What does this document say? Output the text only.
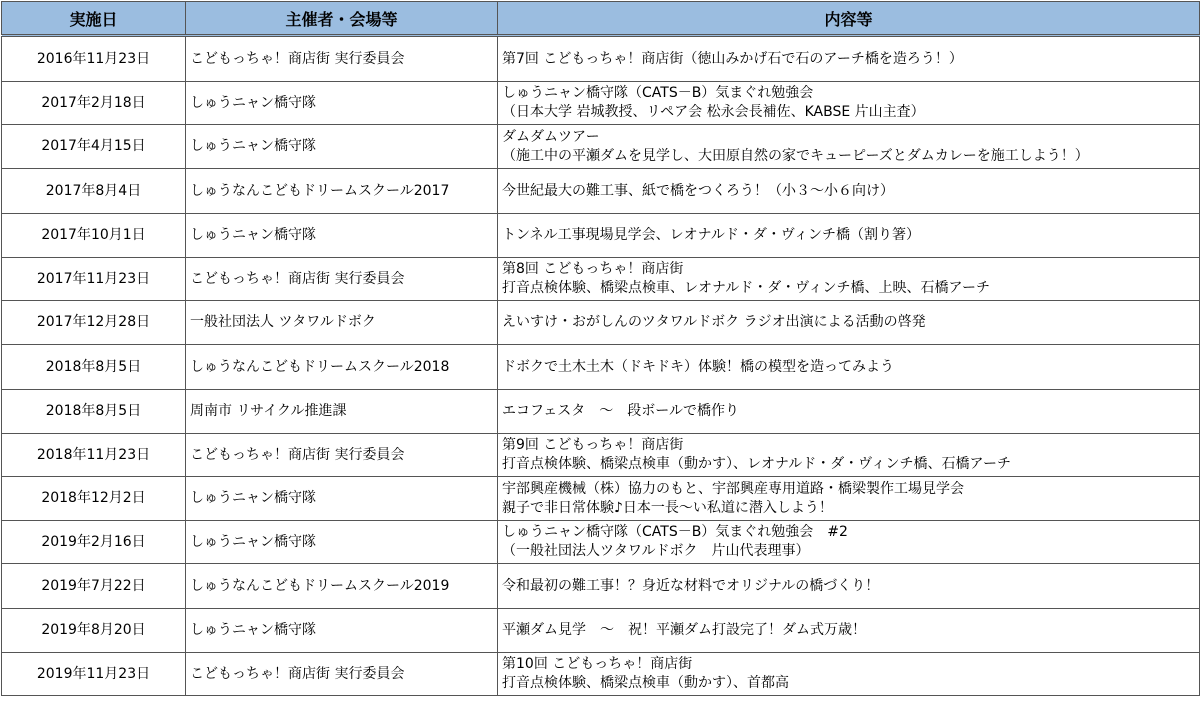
実施日	主催者・会場等	内容等
2016年11月23日	こどもっちゃ！商店街 実行委員会	第7回 こどもっちゃ！商店街（徳山みかげ石で石のアーチ橋を造ろう！）
2017年2月18日	しゅうニャン橋守隊	しゅうニャン橋守隊（CATS－B）気まぐれ勉強会
（日本大学 岩城教授、リペア会 松永会長補佐、KABSE 片山主査）
2017年4月15日	しゅうニャン橋守隊	ダムダムツアー
（施工中の平瀬ダムを見学し、大田原自然の家でキューピーズとダムカレーを施工しよう！）
2017年8月4日	しゅうなんこどもドリームスクール2017	今世紀最大の難工事、紙で橋をつくろう！（小３～小６向け）
2017年10月1日	しゅうニャン橋守隊	トンネル工事現場見学会、レオナルド・ダ・ヴィンチ橋（割り箸）
2017年11月23日	こどもっちゃ！商店街 実行委員会	第8回 こどもっちゃ！商店街
打音点検体験、橋梁点検車、レオナルド・ダ・ヴィンチ橋、上映、石橋アーチ
2017年12月28日	一般社団法人 ツタワルドボク	えいすけ・おがしんのツタワルドボク ラジオ出演による活動の啓発
2018年8月5日	しゅうなんこどもドリームスクール2018	ドボクで土木土木（ドキドキ）体験！橋の模型を造ってみよう
2018年8月5日	周南市 リサイクル推進課	エコフェスタ　～　段ボールで橋作り
2018年11月23日	こどもっちゃ！商店街 実行委員会	第9回 こどもっちゃ！商店街
打音点検体験、橋梁点検車（動かす）、レオナルド・ダ・ヴィンチ橋、石橋アーチ
2018年12月2日	しゅうニャン橋守隊	宇部興産機械（株）協力のもと、宇部興産専用道路・橋梁製作工場見学会
親子で非日常体験♪日本一長～い私道に潜入しよう！
2019年2月16日	しゅうニャン橋守隊	しゅうニャン橋守隊（CATS－B）気まぐれ勉強会　#2
（一般社団法人ツタワルドボク　片山代表理事）
2019年7月22日	しゅうなんこどもドリームスクール2019	令和最初の難工事！？身近な材料でオリジナルの橋づくり！
2019年8月20日	しゅうニャン橋守隊	平瀬ダム見学　～　祝！平瀬ダム打設完了！ダム式万歳！
2019年11月23日	こどもっちゃ！商店街 実行委員会	第10回 こどもっちゃ！商店街
打音点検体験、橋梁点検車（動かす）、首都高
